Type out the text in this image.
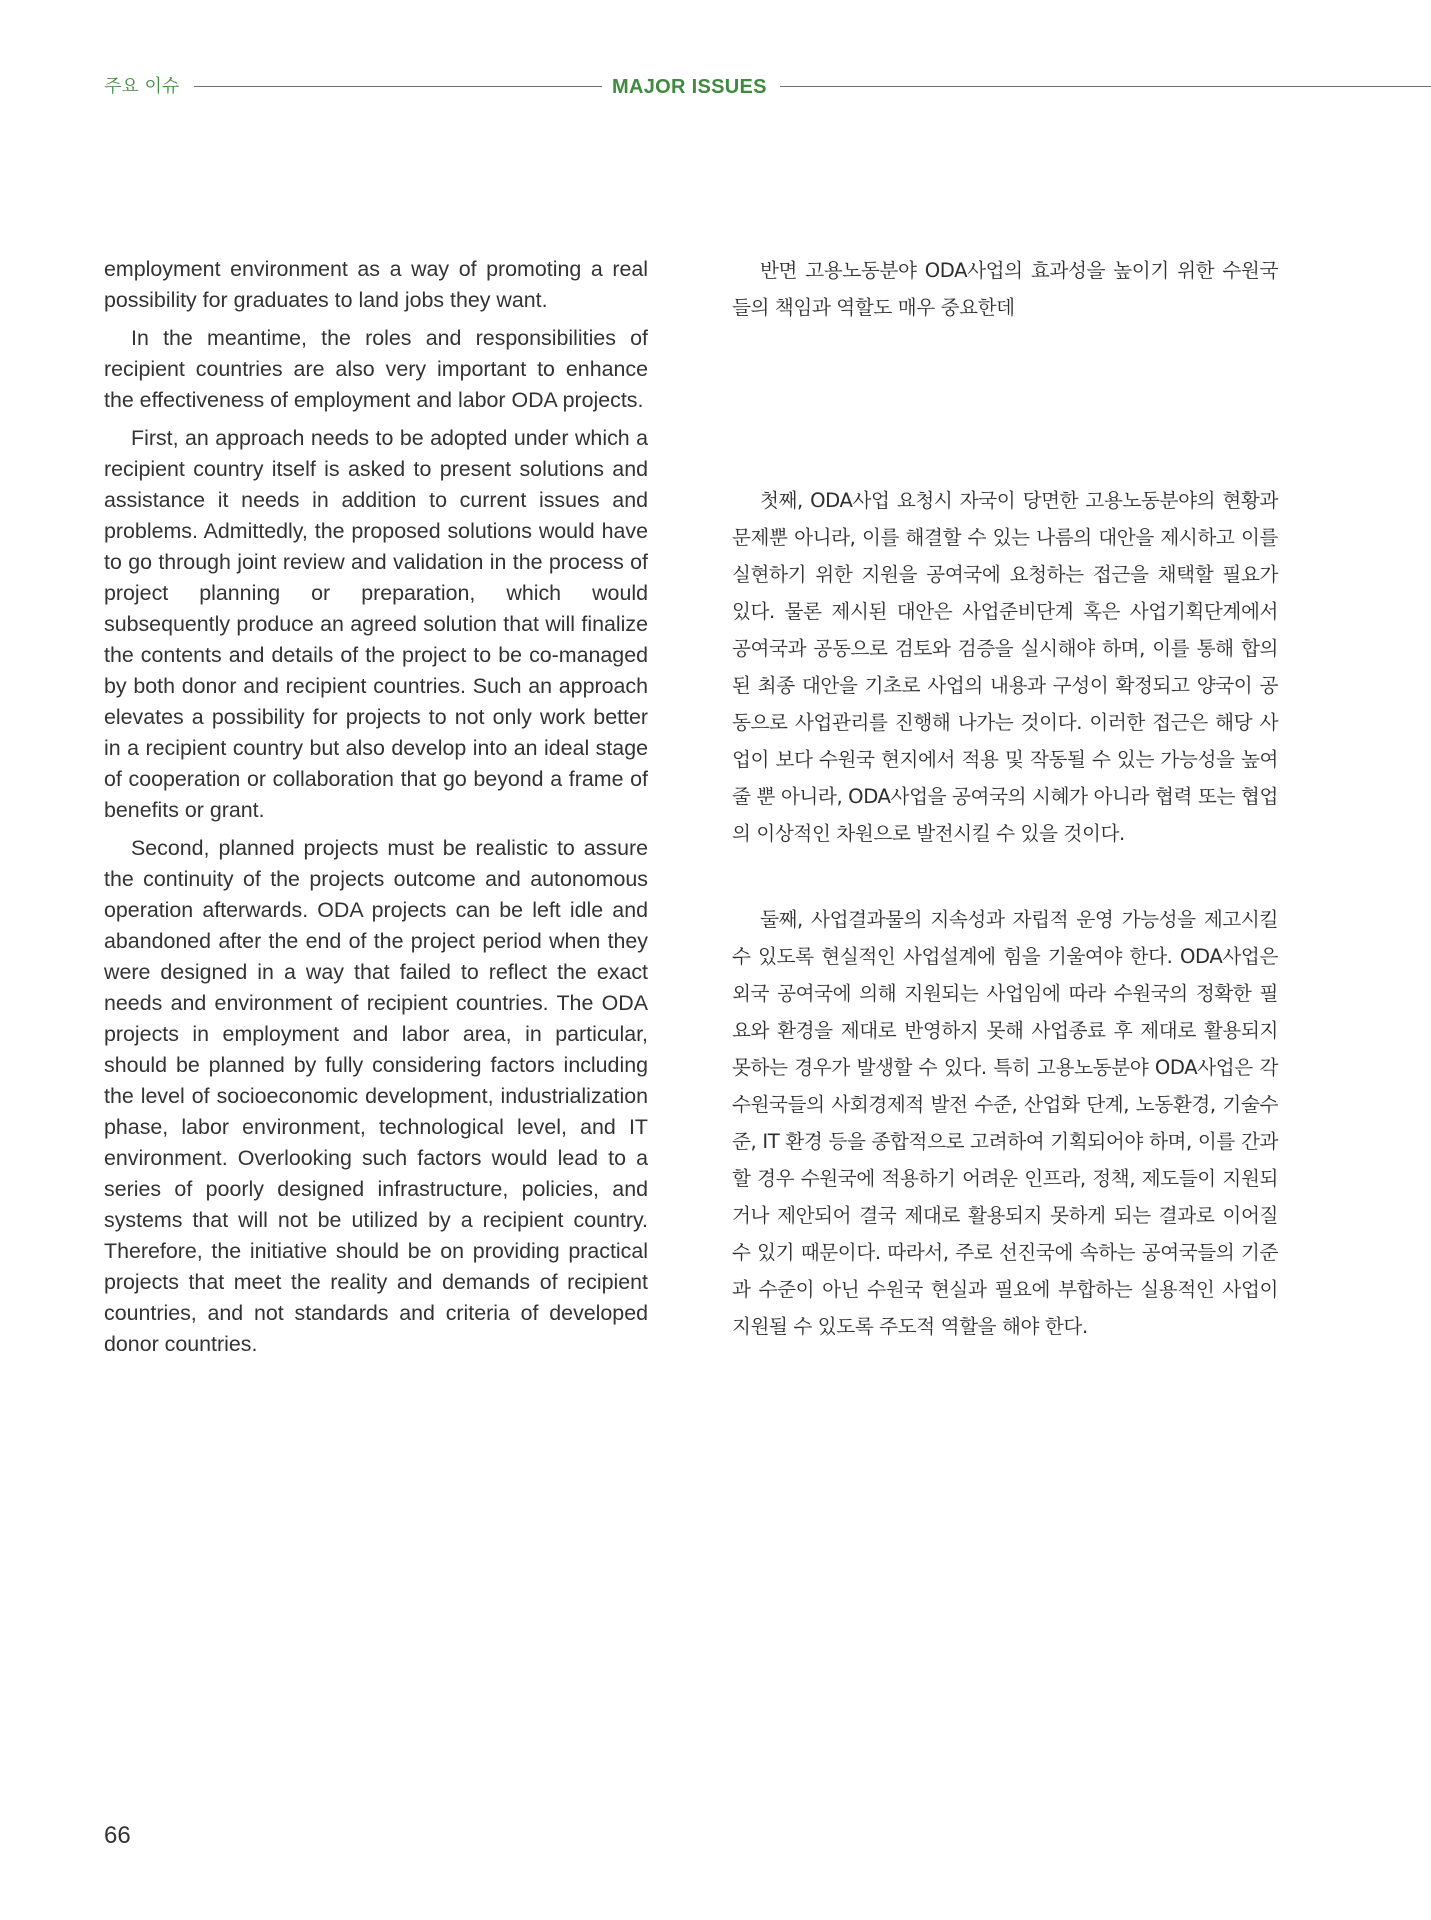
주요 이슈	MAJOR ISSUES

employment environment as a way of promoting a real possibility for graduates to land jobs they want.

In the meantime, the roles and responsibilities of recipient countries are also very important to enhance the effectiveness of employment and labor ODA projects.

First, an approach needs to be adopted under which a recipient country itself is asked to present solutions and assistance it needs in addition to current issues and problems. Admittedly, the proposed solutions would have to go through joint review and validation in the process of project planning or preparation, which would subsequently produce an agreed solution that will finalize the contents and details of the project to be co-managed by both donor and recipient countries. Such an approach elevates a possibility for projects to not only work better in a recipient country but also develop into an ideal stage of cooperation or collaboration that go beyond a frame of benefits or grant.

Second, planned projects must be realistic to assure the continuity of the projects outcome and autonomous operation afterwards. ODA projects can be left idle and abandoned after the end of the project period when they were designed in a way that failed to reflect the exact needs and environment of recipient countries. The ODA projects in employment and labor area, in particular, should be planned by fully considering factors including the level of socioeconomic development, industrialization phase, labor environment, technological level, and IT environment. Overlooking such factors would lead to a series of poorly designed infrastructure, policies, and systems that will not be utilized by a recipient country. Therefore, the initiative should be on providing practical projects that meet the reality and demands of recipient countries, and not standards and criteria of developed donor countries.

반면 고용노동분야 ODA사업의 효과성을 높이기 위한 수원국들의 책임과 역할도 매우 중요한데

첫째, ODA사업 요청시 자국이 당면한 고용노동분야의 현황과 문제뿐 아니라, 이를 해결할 수 있는 나름의 대안을 제시하고 이를 실현하기 위한 지원을 공여국에 요청하는 접근을 채택할 필요가 있다. 물론 제시된 대안은 사업준비단계 혹은 사업기획단계에서 공여국과 공동으로 검토와 검증을 실시해야 하며, 이를 통해 합의된 최종 대안을 기초로 사업의 내용과 구성이 확정되고 양국이 공동으로 사업관리를 진행해 나가는 것이다. 이러한 접근은 해당 사업이 보다 수원국 현지에서 적용 및 작동될 수 있는 가능성을 높여줄 뿐 아니라, ODA사업을 공여국의 시혜가 아니라 협력 또는 협업의 이상적인 차원으로 발전시킬 수 있을 것이다.

둘째, 사업결과물의 지속성과 자립적 운영 가능성을 제고시킬 수 있도록 현실적인 사업설계에 힘을 기울여야 한다. ODA사업은 외국 공여국에 의해 지원되는 사업임에 따라 수원국의 정확한 필요와 환경을 제대로 반영하지 못해 사업종료 후 제대로 활용되지 못하는 경우가 발생할 수 있다. 특히 고용노동분야 ODA사업은 각 수원국들의 사회경제적 발전 수준, 산업화 단계, 노동환경, 기술수준, IT 환경 등을 종합적으로 고려하여 기획되어야 하며, 이를 간과할 경우 수원국에 적용하기 어려운 인프라, 정책, 제도들이 지원되거나 제안되어 결국 제대로 활용되지 못하게 되는 결과로 이어질 수 있기 때문이다. 따라서, 주로 선진국에 속하는 공여국들의 기준과 수준이 아닌 수원국 현실과 필요에 부합하는 실용적인 사업이 지원될 수 있도록 주도적 역할을 해야 한다.

66
